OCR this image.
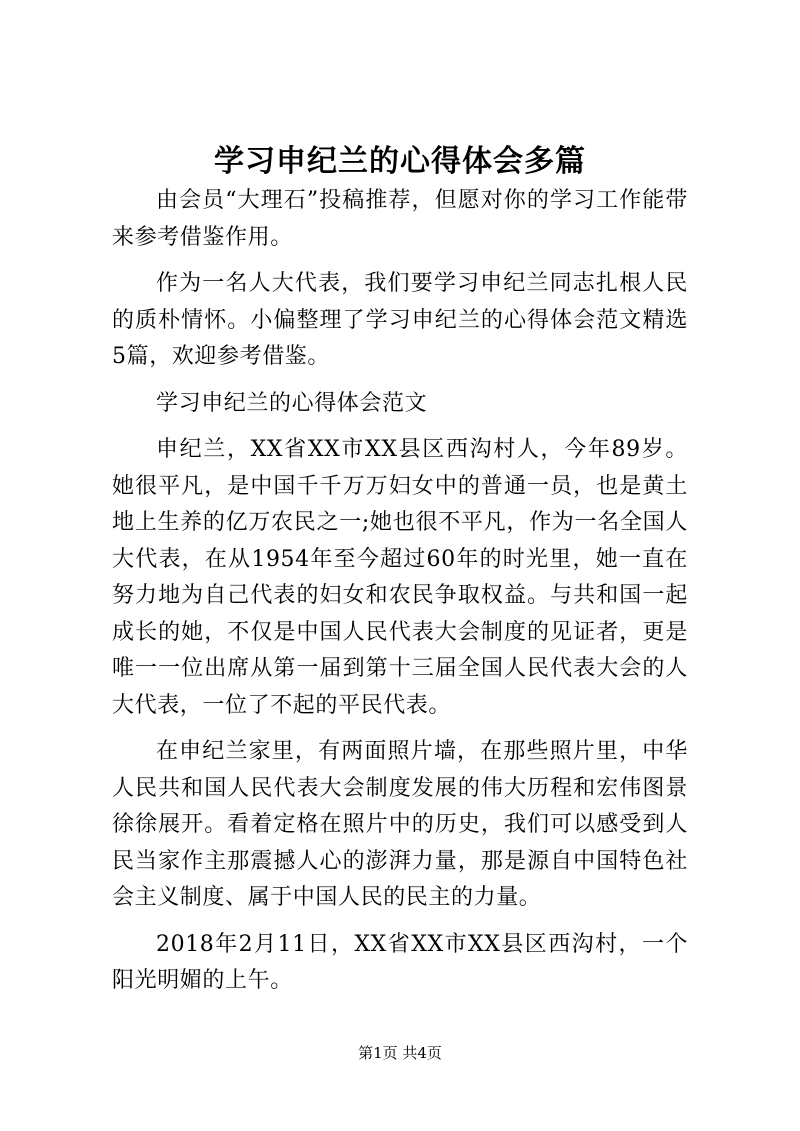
学习申纪兰的心得体会多篇

由会员“大理石”投稿推荐，但愿对你的学习工作能带来参考借鉴作用。

作为一名人大代表，我们要学习申纪兰同志扎根人民的质朴情怀。小偏整理了学习申纪兰的心得体会范文精选5篇，欢迎参考借鉴。

学习申纪兰的心得体会范文

申纪兰，XX省XX市XX县区西沟村人，今年89岁。她很平凡，是中国千千万万妇女中的普通一员，也是黄土地上生养的亿万农民之一;她也很不平凡，作为一名全国人大代表，在从1954年至今超过60年的时光里，她一直在努力地为自己代表的妇女和农民争取权益。与共和国一起成长的她，不仅是中国人民代表大会制度的见证者，更是唯一一位出席从第一届到第十三届全国人民代表大会的人大代表，一位了不起的平民代表。

在申纪兰家里，有两面照片墙，在那些照片里，中华人民共和国人民代表大会制度发展的伟大历程和宏伟图景徐徐展开。看着定格在照片中的历史，我们可以感受到人民当家作主那震撼人心的澎湃力量，那是源自中国特色社会主义制度、属于中国人民的民主的力量。

2018年2月11日，XX省XX市XX县区西沟村，一个阳光明媚的上午。

第1页 共4页
